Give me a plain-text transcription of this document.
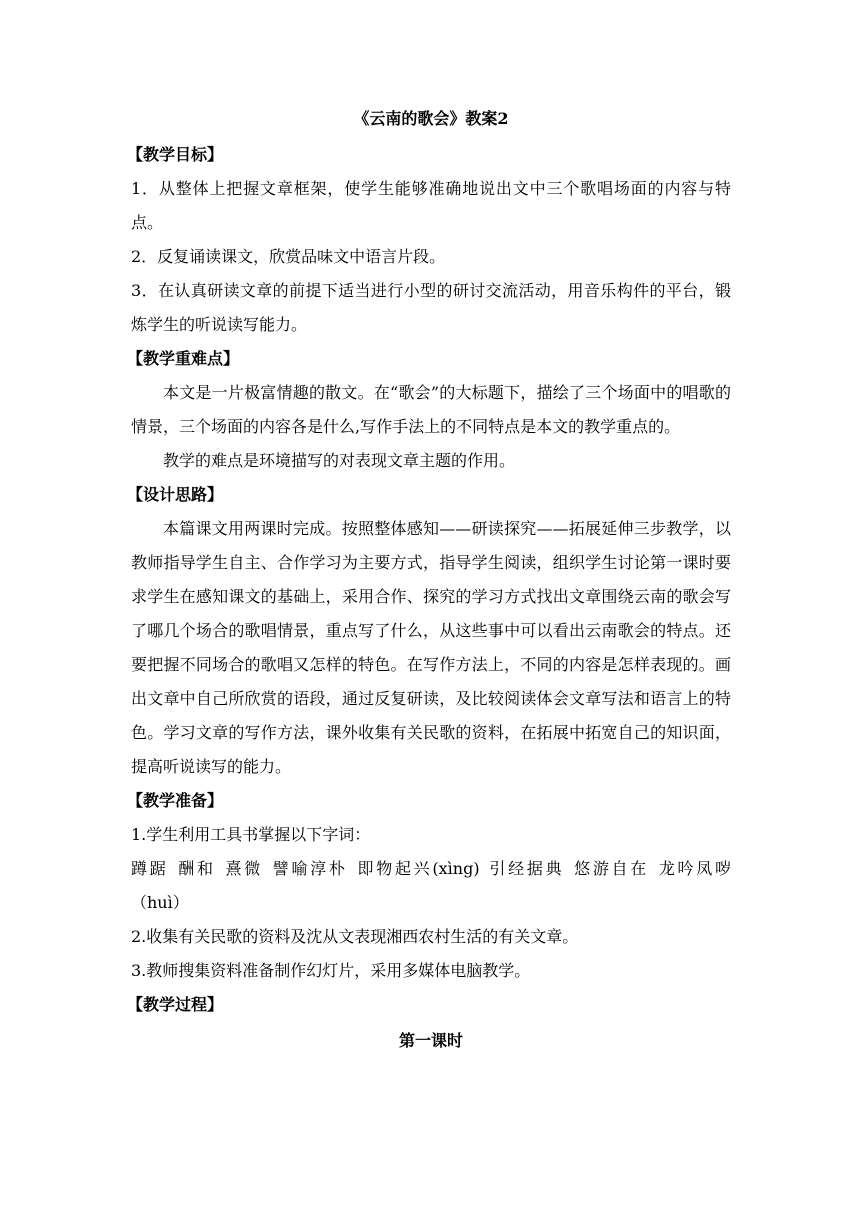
《云南的歌会》教案2
【教学目标】

1．从整体上把握文章框架，使学生能够准确地说出文中三个歌唱场面的内容与特点。

2．反复诵读课文，欣赏品味文中语言片段。

3．在认真研读文章的前提下适当进行小型的研讨交流活动，用音乐构件的平台，锻炼学生的听说读写能力。

【教学重难点】

本文是一片极富情趣的散文。在“歌会”的大标题下，描绘了三个场面中的唱歌的情景，三个场面的内容各是什么,写作手法上的不同特点是本文的教学重点的。

教学的难点是环境描写的对表现文章主题的作用。

【设计思路】

本篇课文用两课时完成。按照整体感知——研读探究——拓展延伸三步教学，以教师指导学生自主、合作学习为主要方式，指导学生阅读，组织学生讨论第一课时要求学生在感知课文的基础上，采用合作、探究的学习方式找出文章围绕云南的歌会写了哪几个场合的歌唱情景，重点写了什么，从这些事中可以看出云南歌会的特点。还要把握不同场合的歌唱又怎样的特色。在写作方法上，不同的内容是怎样表现的。画出文章中自己所欣赏的语段，通过反复研读，及比较阅读体会文章写法和语言上的特色。学习文章的写作方法，课外收集有关民歌的资料，在拓展中拓宽自己的知识面，提高听说读写的能力。

【教学准备】

1.学生利用工具书掌握以下字词：

蹲踞 酬和 熹微 譬喻淳朴 即物起兴(xìng) 引经据典 悠游自在 龙吟凤哕

（huì）

2.收集有关民歌的资料及沈从文表现湘西农村生活的有关文章。

3.教师搜集资料准备制作幻灯片，采用多媒体电脑教学。

【教学过程】
第一课时
